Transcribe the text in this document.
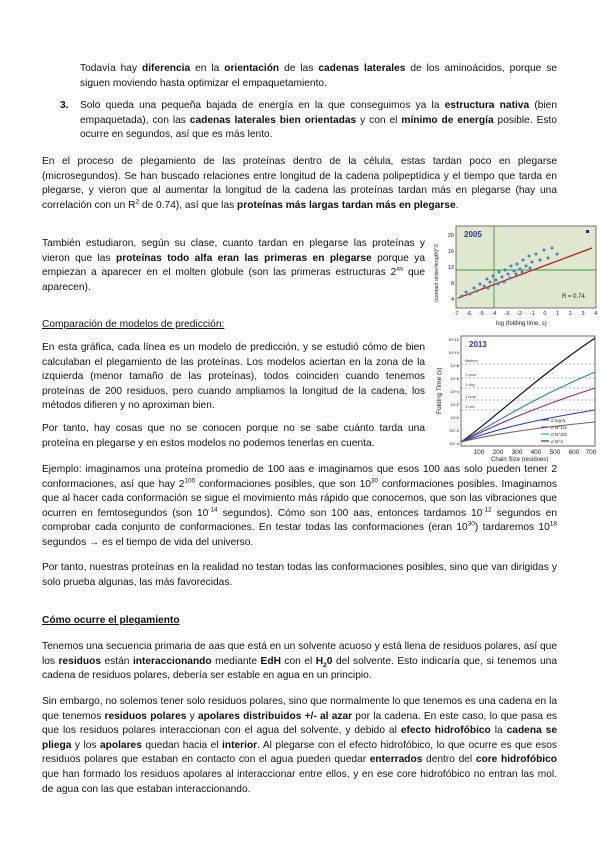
Todavía hay diferencia en la orientación de las cadenas laterales de los aminoácidos, porque se siguen moviendo hasta optimizar el empaquetamiento.
3. Solo queda una pequeña bajada de energía en la que conseguimos ya la estructura nativa (bien empaquetada), con las cadenas laterales bien orientadas y con el mínimo de energía posible. Esto ocurre en segundos, así que es más lento.
En el proceso de plegamiento de las proteínas dentro de la célula, estas tardan poco en plegarse (microsegundos). Se han buscado relaciones entre longitud de la cadena polipeptídica y el tiempo que tarda en plegarse, y vieron que al aumentar la longitud de la cadena las proteínas tardan más en plegarse (hay una correlación con un $R^2$ de 0.74), así que las proteínas más largas tardan más en plegarse.
También estudiaron, según su clase, cuanto tardan en plegarse las proteínas y vieron que las proteínas todo alfa eran las primeras en plegarse porque ya empiezan a aparecer en el molten globule (son las primeras estructuras $2^{as}$ que aparecen).
2005
R = 0.74
(contact order/length)^2
log (folding time, s)
-7 -6 -5 -4 -3 -2 -1 0 1 2 3 4
4
8
12
16
20
Comparación de modelos de predicción:
En esta gráfica, cada línea es un modelo de predicción, y se estudió cómo de bien calculaban el plegamiento de las proteínas. Los modelos aciertan en la zona de la izquierda (menor tamaño de las proteínas), todos coinciden cuando tenemos proteínas de 200 residuos, pero cuando ampliamos la longitud de la cadena, los métodos difieren y no aproximan bien.
Por tanto, hay cosas que no se conocen porque no se sabe cuánto tarda una proteína en plegarse y en estos modelos no podemos tenerlas en cuenta.
lifetime
1 year
1 day
1 hour
1 min
2013
σ log N
σ N^1/2
σ N^2/3
σ N^4
Folding Time (s)
Chain Size (residues)
100 200 300 400 500 600 700
10^-4
10^-2
10^0
10^2
10^4
10^6
10^8
10^10
10^12
Ejemplo: imaginamos una proteína promedio de 100 aas e imaginamos que esos 100 aas solo pueden tener 2 conformaciones, así que hay $2^{100}$ conformaciones posibles, que son $10^{30}$ conformaciones posibles. Imaginamos que al hacer cada conformación se sigue el movimiento más rápido que conocemos, que son las vibraciones que ocurren en femtosegundos (son $10^{-14}$ segundos). Cómo son 100 aas, entonces tardamos $10^{-12}$ segundos en comprobar cada conjunto de conformaciones. En testar todas las conformaciones (eran $10^{30}$) tardaremos $10^{18}$ segundos → es el tiempo de vida del universo.
Por tanto, nuestras proteínas en la realidad no testan todas las conformaciones posibles, sino que van dirigidas y solo prueba algunas, las más favorecidas.
Cómo ocurre el plegamiento
Tenemos una secuencia primaria de aas que está en un solvente acuoso y está llena de residuos polares, así que los residuos están interaccionando mediante EdH con el $H_20$ del solvente. Esto indicaría que, si tenemos una cadena de residuos polares, debería ser estable en agua en un principio.
Sin embargo, no solemos tener solo residuos polares, sino que normalmente lo que tenemos es una cadena en la que tenemos residuos polares y apolares distribuidos +/- al azar por la cadena. En este caso, lo que pasa es que los residuos polares interaccionan con el agua del solvente, y debido al efecto hidrofóbico la cadena se pliega y los apolares quedan hacia el interior. Al plegarse con el efecto hidrofóbico, lo que ocurre es que esos residuos polares que estaban en contacto con el agua pueden quedar enterrados dentro del core hidrofóbico que han formado los residuos apolares al interaccionar entre ellos, y en ese core hidrofóbico no entran las mol. de agua con las que estaban interaccionando.
